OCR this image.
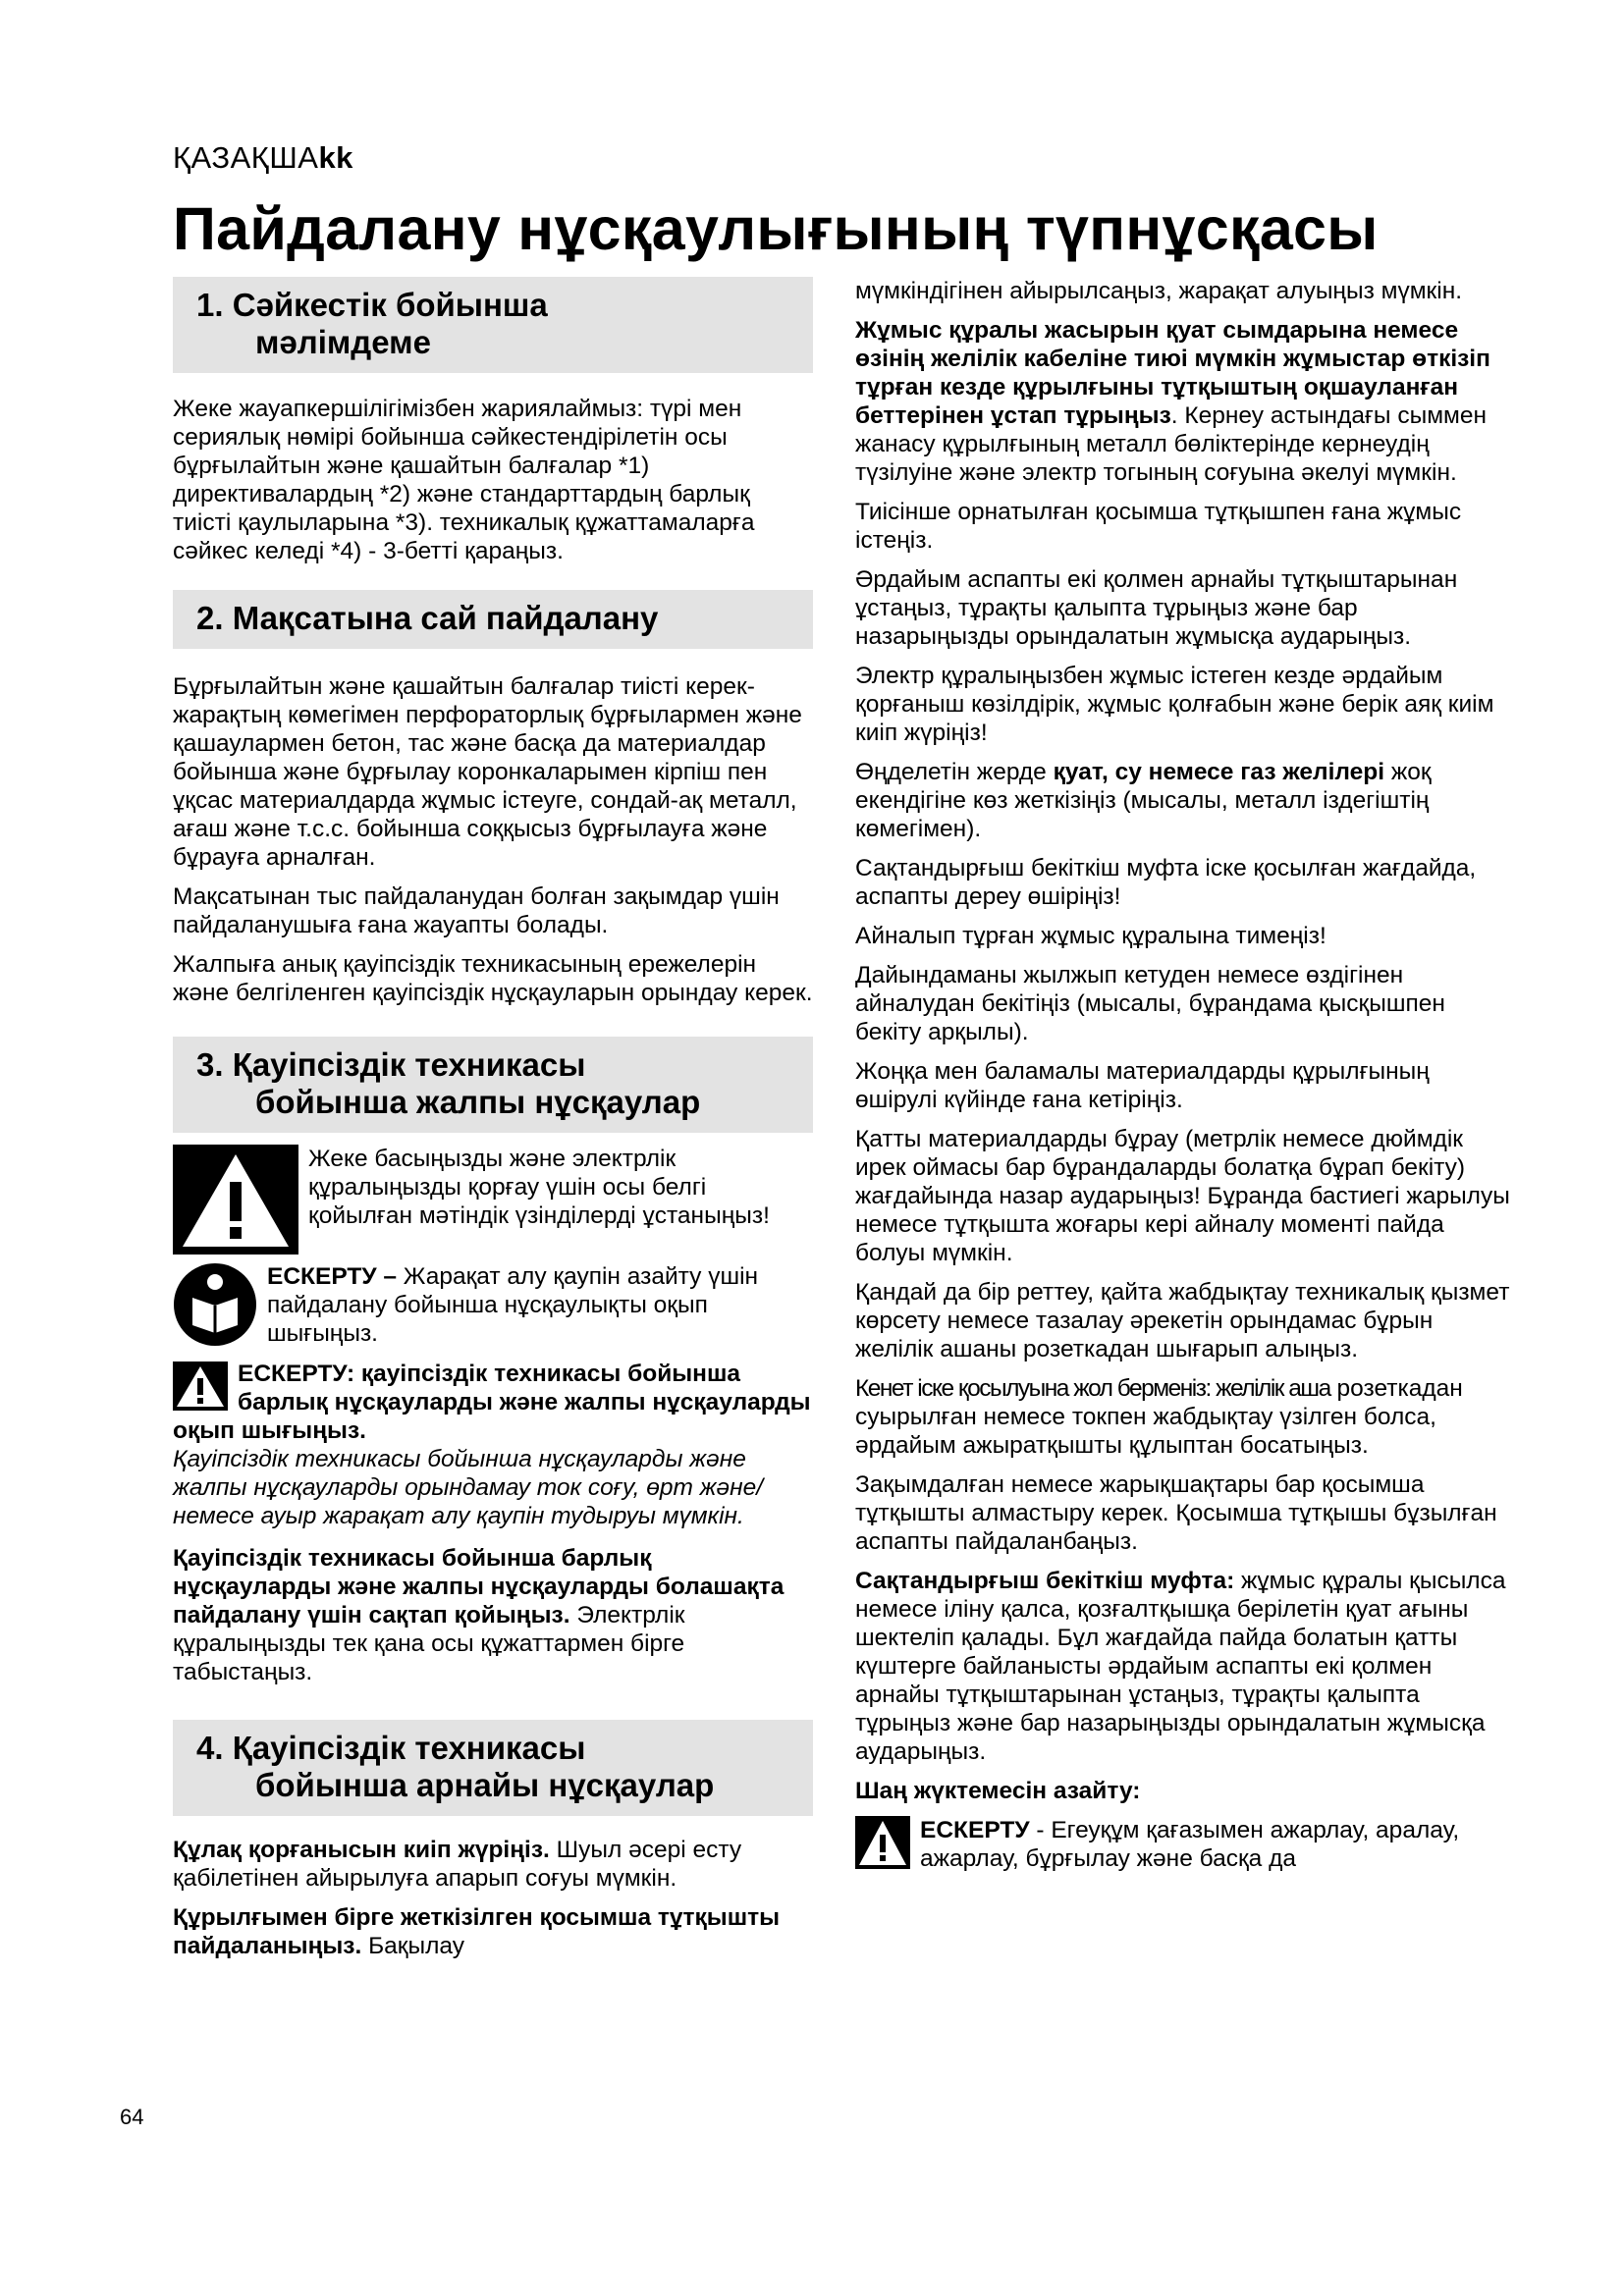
ҚАЗАҚШАkk
Пайдалану нұсқаулығының түпнұсқасы
1. Сәйкестік бойынша
мәлімдеме

Жеке жауапкершілігімізбен жариялаймыз: түрі мен сериялық нөмірі бойынша сәйкестендірілетін осы бұрғылайтын және қашайтын балғалар *1) директивалардың *2) және стандарттардың барлық тиісті қаулыларына *3). техникалық құжаттамаларға сәйкес келеді *4) - 3-бетті қараңыз.

2. Мақсатына сай пайдалану

Бұрғылайтын және қашайтын балғалар тиісті керек-жарақтың көмегімен перфораторлық бұрғылармен және қашаулармен бетон, тас және басқа да материалдар бойынша және бұрғылау коронкаларымен кірпіш пен ұқсас материалдарда жұмыс істеуге, сондай-ақ металл, ағаш және т.с.с. бойынша соққысыз бұрғылауға және бұрауға арналған.

Мақсатынан тыс пайдаланудан болған зақымдар үшін пайдаланушыға ғана жауапты болады.

Жалпыға анық қауіпсіздік техникасының ережелерін және белгіленген қауіпсіздік нұсқауларын орындау керек.

3. Қауіпсіздік техникасы
бойынша жалпы нұсқаулар

Жеке басыңызды және электрлік құралыңызды қорғау үшін осы белгі қойылған мәтіндік үзінділерді ұстаныңыз!

ЕСКЕРТУ – Жарақат алу қаупін азайту үшін пайдалану бойынша нұсқаулықты оқып шығыңыз.

ЕСКЕРТУ: қауіпсіздік техникасы бойынша барлық нұсқауларды және жалпы нұсқауларды оқып шығыңыз.

Қауіпсіздік техникасы бойынша нұсқауларды және жалпы нұсқауларды орындамау ток соғу, өрт және/немесе ауыр жарақат алу қаупін тудыруы мүмкін.

Қауіпсіздік техникасы бойынша барлық нұсқауларды және жалпы нұсқауларды болашақта пайдалану үшін сақтап қойыңыз. Электрлік құралыңызды тек қана осы құжаттармен бірге табыстаңыз.

4. Қауіпсіздік техникасы
бойынша арнайы нұсқаулар

Құлақ қорғанысын киіп жүріңіз. Шуыл әсері есту қабілетінен айырылуға апарып соғуы мүмкін.

Құрылғымен бірге жеткізілген қосымша тұтқышты пайдаланыңыз. Бақылау

мүмкіндігінен айырылсаңыз, жарақат алуыңыз мүмкін.

Жұмыс құралы жасырын қуат сымдарына немесе өзінің желілік кабеліне тиюі мүмкін жұмыстар өткізіп тұрған кезде құрылғыны тұтқыштың оқшауланған беттерінен ұстап тұрыңыз. Кернеу астындағы сыммен жанасу құрылғының металл бөліктерінде кернеудің түзілуіне және электр тогының соғуына әкелуі мүмкін.

Тиісінше орнатылған қосымша тұтқышпен ғана жұмыс істеңіз.

Әрдайым аспапты екі қолмен арнайы тұтқыштарынан ұстаңыз, тұрақты қалыпта тұрыңыз және бар назарыңызды орындалатын жұмысқа аударыңыз.

Электр құралыңызбен жұмыс істеген кезде әрдайым қорғаныш көзілдірік, жұмыс қолғабын және берік аяқ киім киіп жүріңіз!

Өңделетін жерде қуат, су немесе газ желілері жоқ екендігіне көз жеткізіңіз (мысалы, металл іздегіштің көмегімен).

Сақтандырғыш бекіткіш муфта іске қосылған жағдайда, аспапты дереу өшіріңіз!

Айналып тұрған жұмыс құралына тимеңіз!

Дайындаманы жылжып кетуден немесе өздігінен айналудан бекітіңіз (мысалы, бұрандама қысқышпен бекіту арқылы).

Жоңқа мен баламалы материалдарды құрылғының өшірулі күйінде ғана кетіріңіз.

Қатты материалдарды бұрау (метрлік немесе дюймдік ирек оймасы бар бұрандаларды болатқа бұрап бекіту) жағдайында назар аударыңыз! Бұранда бастиегі жарылуы немесе тұтқышта жоғары кері айналу моменті пайда болуы мүмкін.

Қандай да бір реттеу, қайта жабдықтау техникалық қызмет көрсету немесе тазалау әрекетін орындамас бұрын желілік ашаны розеткадан шығарып алыңыз.

Кенет іске қосылуына жол берменіз: желілік аша розеткадан суырылған немесе токпен жабдықтау үзілген болса, әрдайым ажыратқышты құлыптан босатыңыз.

Зақымдалған немесе жарықшақтары бар қосымша тұтқышты алмастыру керек. Қосымша тұтқышы бұзылған аспапты пайдаланбаңыз.

Сақтандырғыш бекіткіш муфта: жұмыс құралы қысылса немесе іліну қалса, қозғалтқышқа берілетін қуат ағыны шектеліп қалады. Бұл жағдайда пайда болатын қатты күштерге байланысты әрдайым аспапты екі қолмен арнайы тұтқыштарынан ұстаңыз, тұрақты қалыпта тұрыңыз және бар назарыңызды орындалатын жұмысқа аударыңыз.

Шаң жүктемесін азайту:

ЕСКЕРТУ - Егеуқұм қағазымен ажарлау, аралау, ажарлау, бұрғылау және басқа да

64
